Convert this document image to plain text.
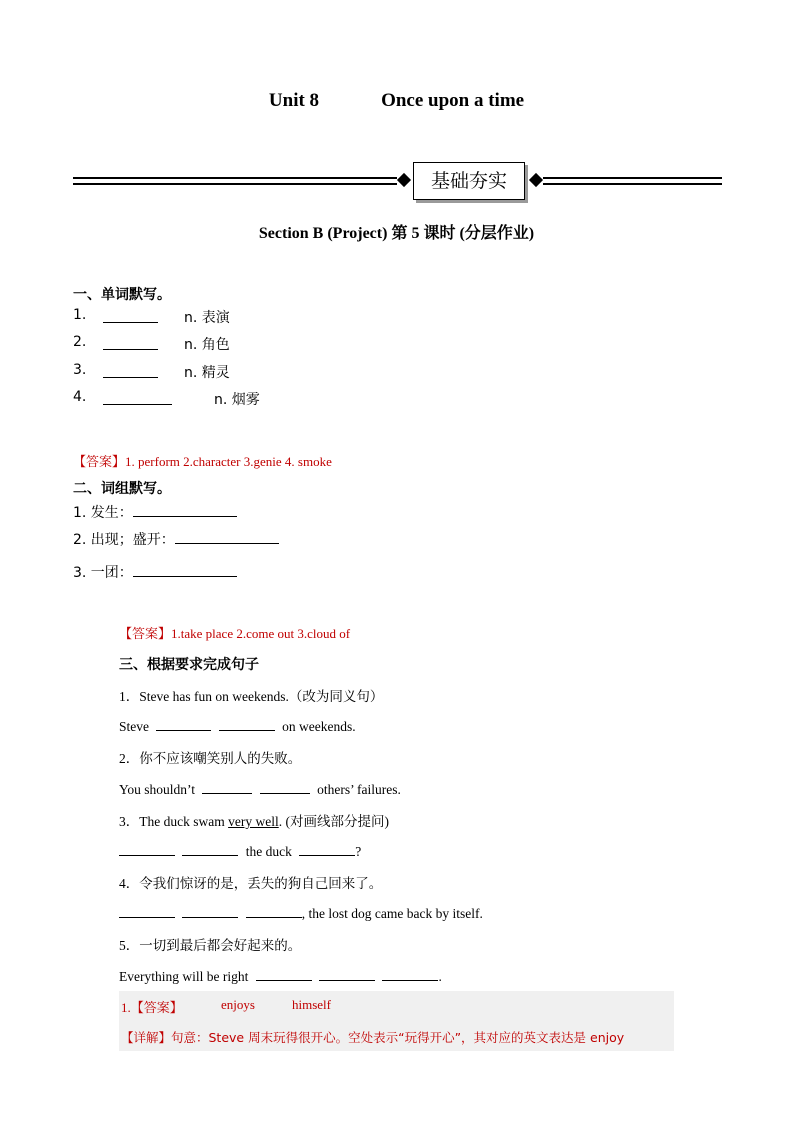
Unit 8	Once upon a time
基础夯实
Section B (Project) 第 5 课时 (分层作业)
一、单词默写。
1.	n. 表演
2.	n. 角色
3.	n. 精灵
4.	n. 烟雾
【答案】1. perform 2.character 3.genie 4. smoke
二、词组默写。
1. 发生：
2. 出现；盛开：
3. 一团：
【答案】1.take place 2.come out 3.cloud of
三、根据要求完成句子
1．Steve has fun on weekends.（改为同义句）
Steve	on weekends.
2．你不应该嘲笑别人的失败。
You shouldn’t	others’ failures.
3．The duck swam very well. (对画线部分提问)
the duck	?
4．令我们惊讶的是，丢失的狗自己回来了。
, the lost dog came back by itself.
5．一切到最后都会好起来的。
Everything will be right	.
1.【答案】	enjoys	himself
【详解】句意：Steve 周末玩得很开心。空处表示“玩得开心”，其对应的英文表达是 enjoy
